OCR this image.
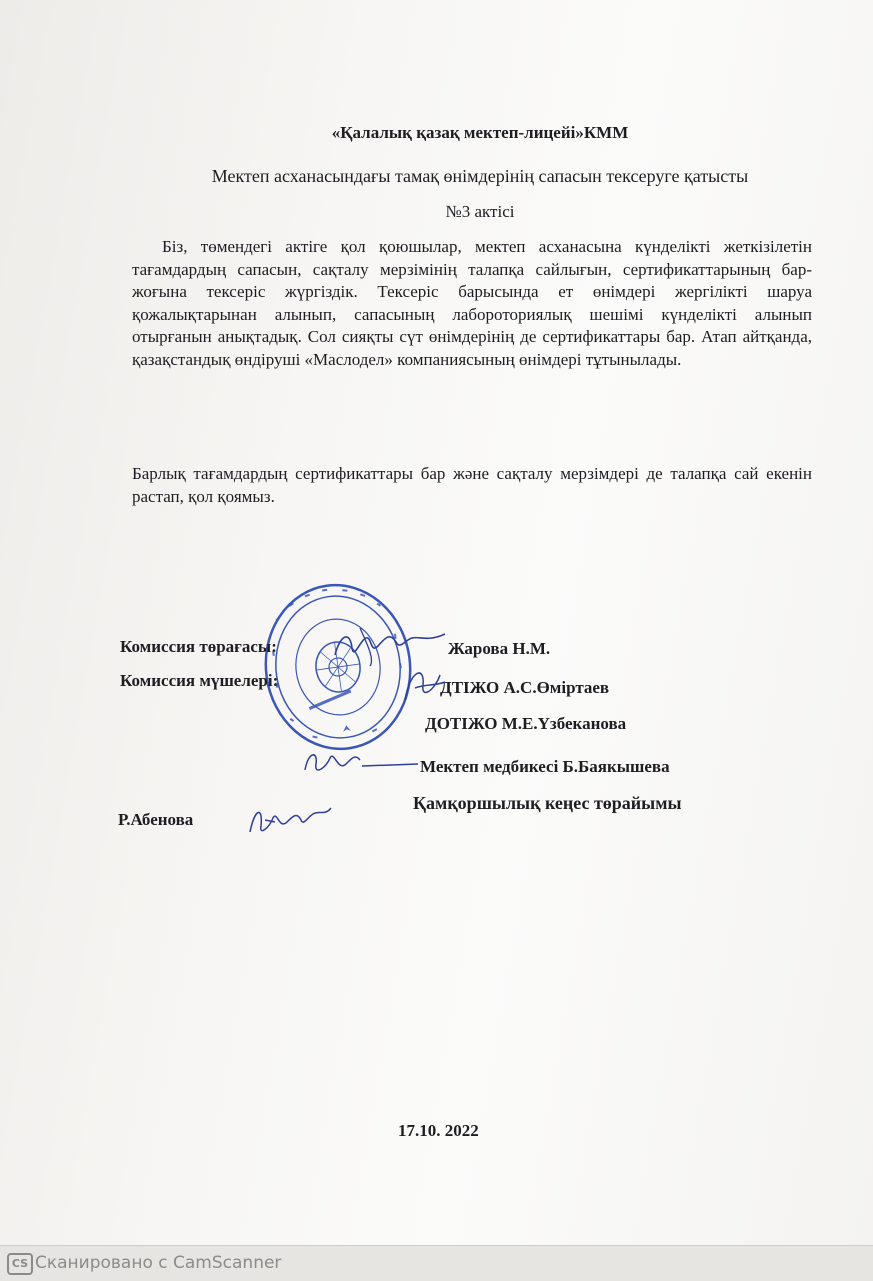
«Қалалық қазақ мектеп-лицейі»КММ
Мектеп асханасындағы тамақ өнімдерінің сапасын тексеруге қатысты
№3 актісі
Біз, төмендегі актіге қол қоюшылар, мектеп асханасына күнделікті жеткізілетін тағамдардың сапасын, сақталу мерзімінің талапқа сайлығын, сертификаттарының бар-жоғына тексеріс жүргіздік. Тексеріс барысында ет өнімдері жергілікті шаруа қожалықтарынан алынып, сапасының лабороториялық шешімі күнделікті алынып отырғанын анықтадық. Сол сияқты сүт өнімдерінің де сертификаттары бар. Атап айтқанда, қазақстандық өндіруші «Маслодел» компаниясының өнімдері тұтынылады.
Барлық тағамдардың сертификаттары бар және сақталу мерзімдері де талапқа сай екенін растап, қол қоямыз.
Комиссия төрағасы:	Жарова Н.М.
Комиссия мүшелері:	ДТІЖО А.С.Өміртаев
ДОТІЖО М.Е.Үзбеканова
Мектеп медбикесі Б.Баякышева
Қамқоршылық кеңес төрайымы
Р.Абенова
17.10. 2022
CS Сканировано с CamScanner
